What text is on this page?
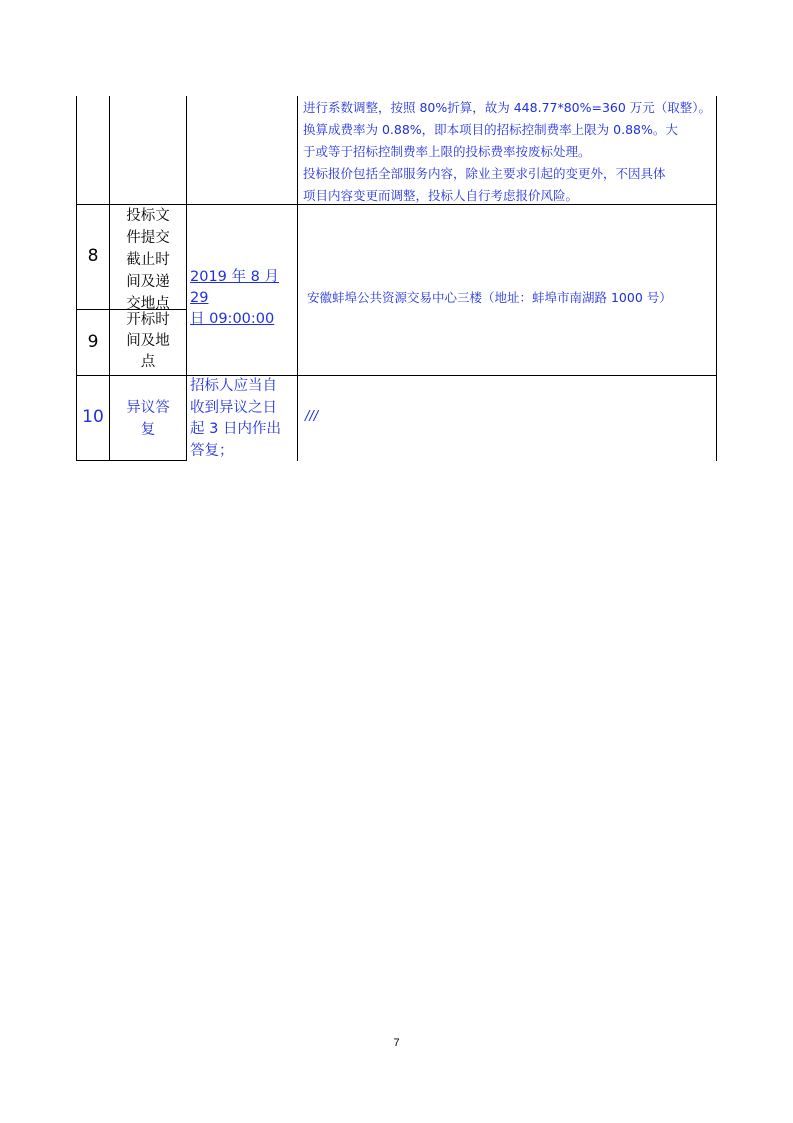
进行系数调整，按照 80%折算，故为 448.77*80%=360 万元（取整）。
换算成费率为 0.88%，即本项目的招标控制费率上限为 0.88%。大
于或等于招标控制费率上限的投标费率按废标处理。
投标报价包括全部服务内容，除业主要求引起的变更外，不因具体
项目内容变更而调整，投标人自行考虑报价风险。
8
投标文
件提交
截止时
间及递
交地点
2019 年 8 月 29
日 09:00:00
安徽蚌埠公共资源交易中心三楼（地址：蚌埠市南湖路 1000 号）
9
开标时
间及地
点
10	异议答
复
招标人应当自
收到异议之日
起 3 日内作出
答复；
///
7
